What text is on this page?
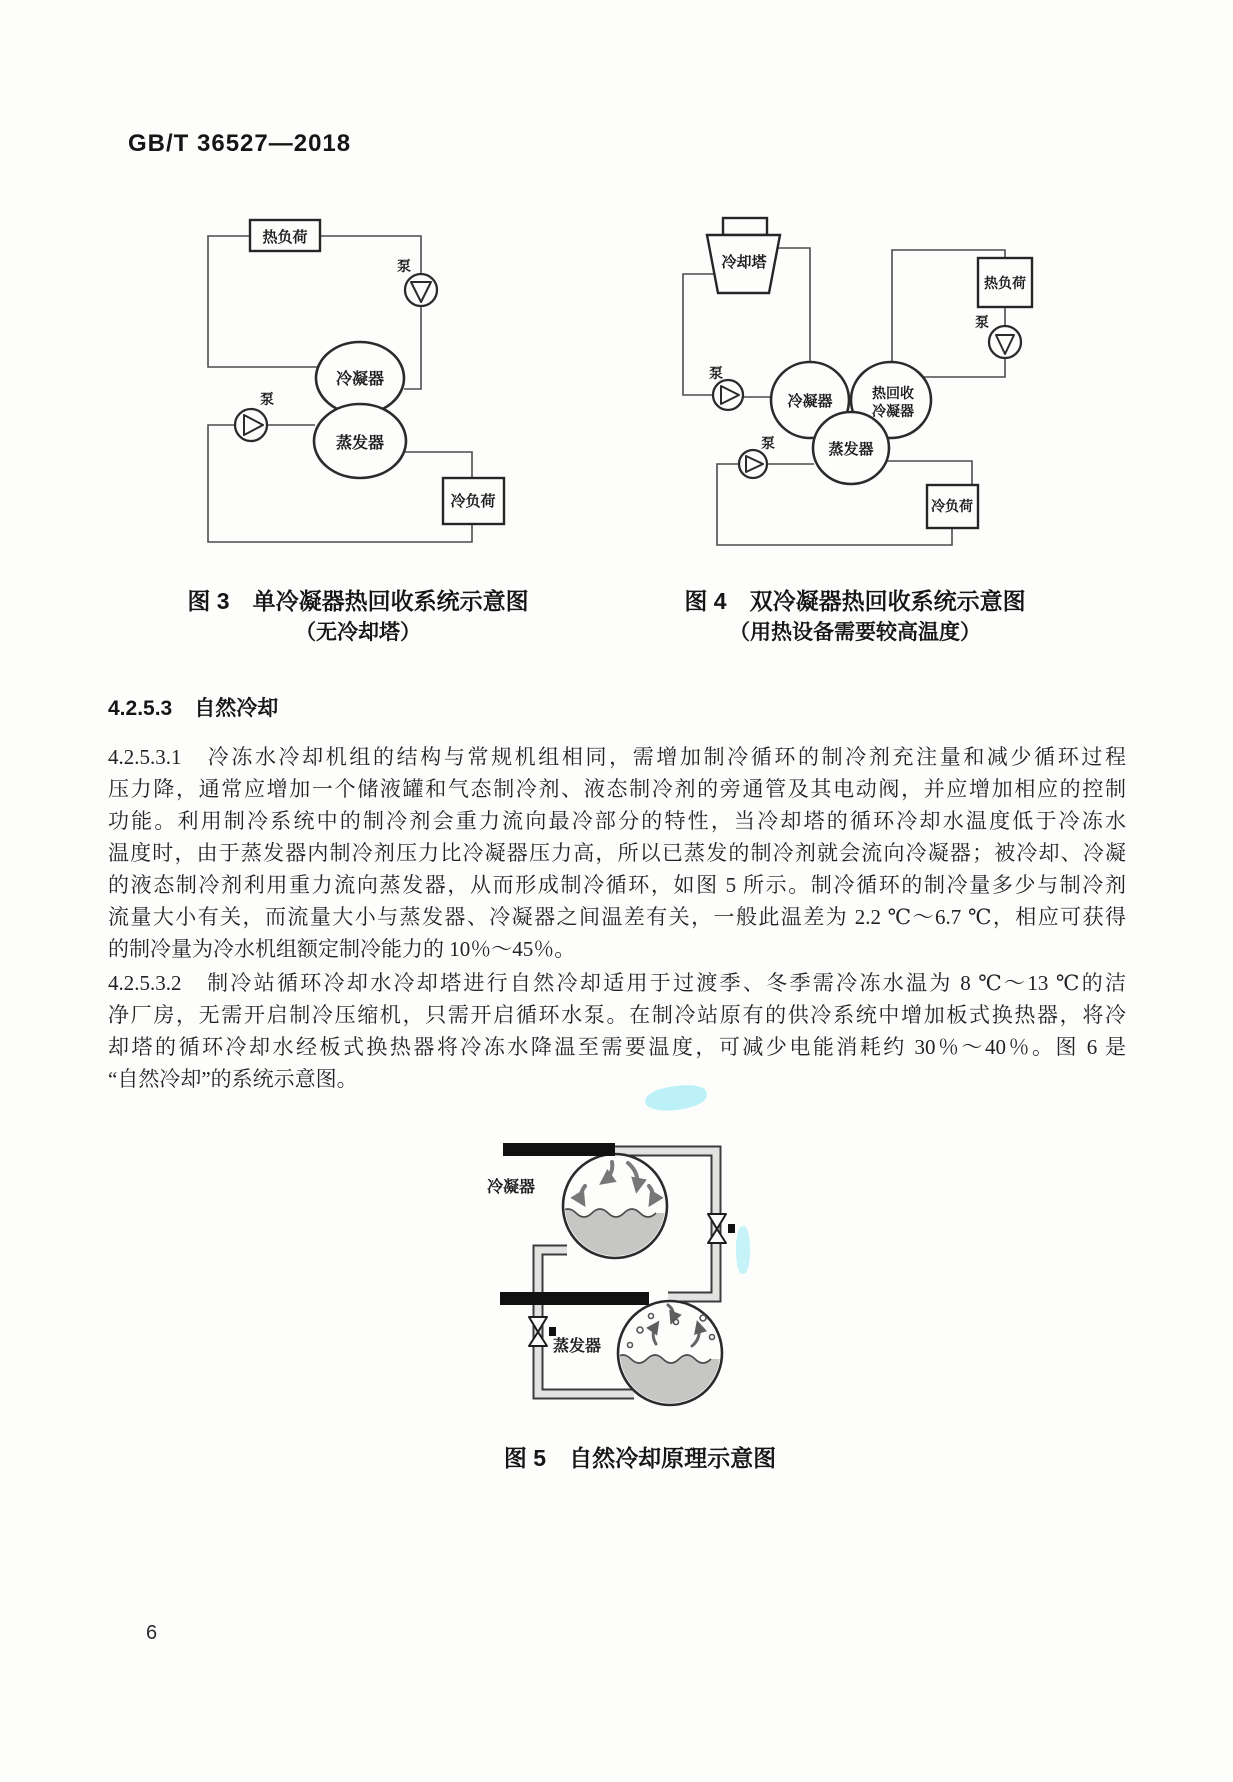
GB/T 36527—2018
热负荷
泵
冷凝器
蒸发器
泵
冷负荷
冷却塔
泵
冷凝器	热回收
冷凝器
蒸发器
泵
热负荷
泵
冷负荷
图 3　单冷凝器热回收系统示意图
（无冷却塔）
图 4　双冷凝器热回收系统示意图
（用热设备需要较高温度）
4.2.5.3 自然冷却
4.2.5.3.1　冷冻水冷却机组的结构与常规机组相同，需增加制冷循环的制冷剂充注量和减少循环过程
压力降，通常应增加一个储液罐和气态制冷剂、液态制冷剂的旁通管及其电动阀，并应增加相应的控制
功能。利用制冷系统中的制冷剂会重力流向最冷部分的特性，当冷却塔的循环冷却水温度低于冷冻水
温度时，由于蒸发器内制冷剂压力比冷凝器压力高，所以已蒸发的制冷剂就会流向冷凝器；被冷却、冷凝
的液态制冷剂利用重力流向蒸发器，从而形成制冷循环，如图 5 所示。制冷循环的制冷量多少与制冷剂
流量大小有关，而流量大小与蒸发器、冷凝器之间温差有关，一般此温差为 2.2 ℃～6.7 ℃，相应可获得
的制冷量为冷水机组额定制冷能力的 10％～45％。
4.2.5.3.2　制冷站循环冷却水冷却塔进行自然冷却适用于过渡季、冬季需冷冻水温为 8 ℃～13 ℃的洁
净厂房，无需开启制冷压缩机，只需开启循环水泵。在制冷站原有的供冷系统中增加板式换热器，将冷
却塔的循环冷却水经板式换热器将冷冻水降温至需要温度，可减少电能消耗约 30％～40％。图 6 是
“自然冷却”的系统示意图。
冷凝器
蒸发器
图 5　自然冷却原理示意图
6
